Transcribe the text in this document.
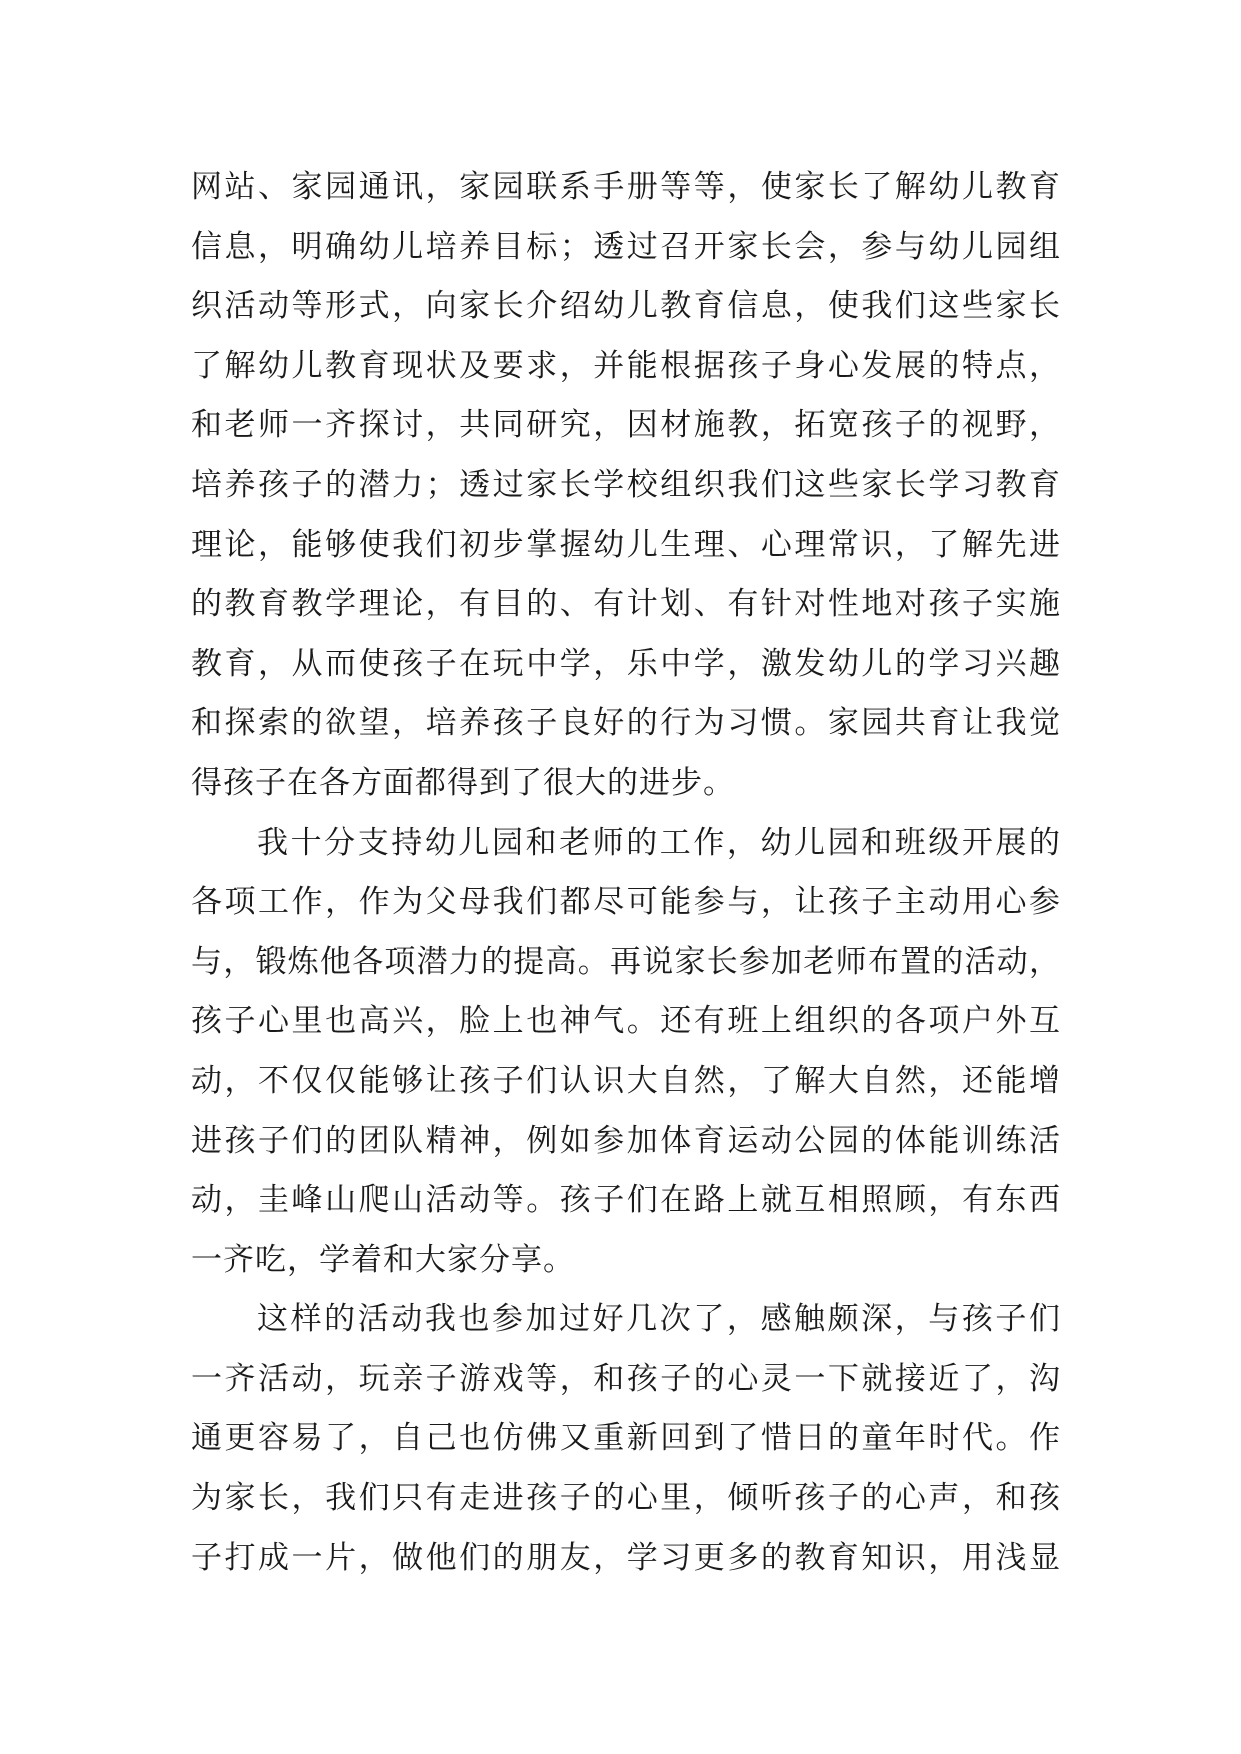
网站、家园通讯，家园联系手册等等，使家长了解幼儿教育
信息，明确幼儿培养目标；透过召开家长会，参与幼儿园组
织活动等形式，向家长介绍幼儿教育信息，使我们这些家长
了解幼儿教育现状及要求，并能根据孩子身心发展的特点，
和老师一齐探讨，共同研究，因材施教，拓宽孩子的视野，
培养孩子的潜力；透过家长学校组织我们这些家长学习教育
理论，能够使我们初步掌握幼儿生理、心理常识，了解先进
的教育教学理论，有目的、有计划、有针对性地对孩子实施
教育，从而使孩子在玩中学，乐中学，激发幼儿的学习兴趣
和探索的欲望，培养孩子良好的行为习惯。家园共育让我觉
得孩子在各方面都得到了很大的进步。
我十分支持幼儿园和老师的工作，幼儿园和班级开展的
各项工作，作为父母我们都尽可能参与，让孩子主动用心参
与，锻炼他各项潜力的提高。再说家长参加老师布置的活动，
孩子心里也高兴，脸上也神气。还有班上组织的各项户外互
动，不仅仅能够让孩子们认识大自然，了解大自然，还能增
进孩子们的团队精神，例如参加体育运动公园的体能训练活
动，圭峰山爬山活动等。孩子们在路上就互相照顾，有东西
一齐吃，学着和大家分享。
这样的活动我也参加过好几次了，感触颇深，与孩子们
一齐活动，玩亲子游戏等，和孩子的心灵一下就接近了，沟
通更容易了，自己也仿佛又重新回到了惜日的童年时代。作
为家长，我们只有走进孩子的心里，倾听孩子的心声，和孩
子打成一片，做他们的朋友，学习更多的教育知识，用浅显
